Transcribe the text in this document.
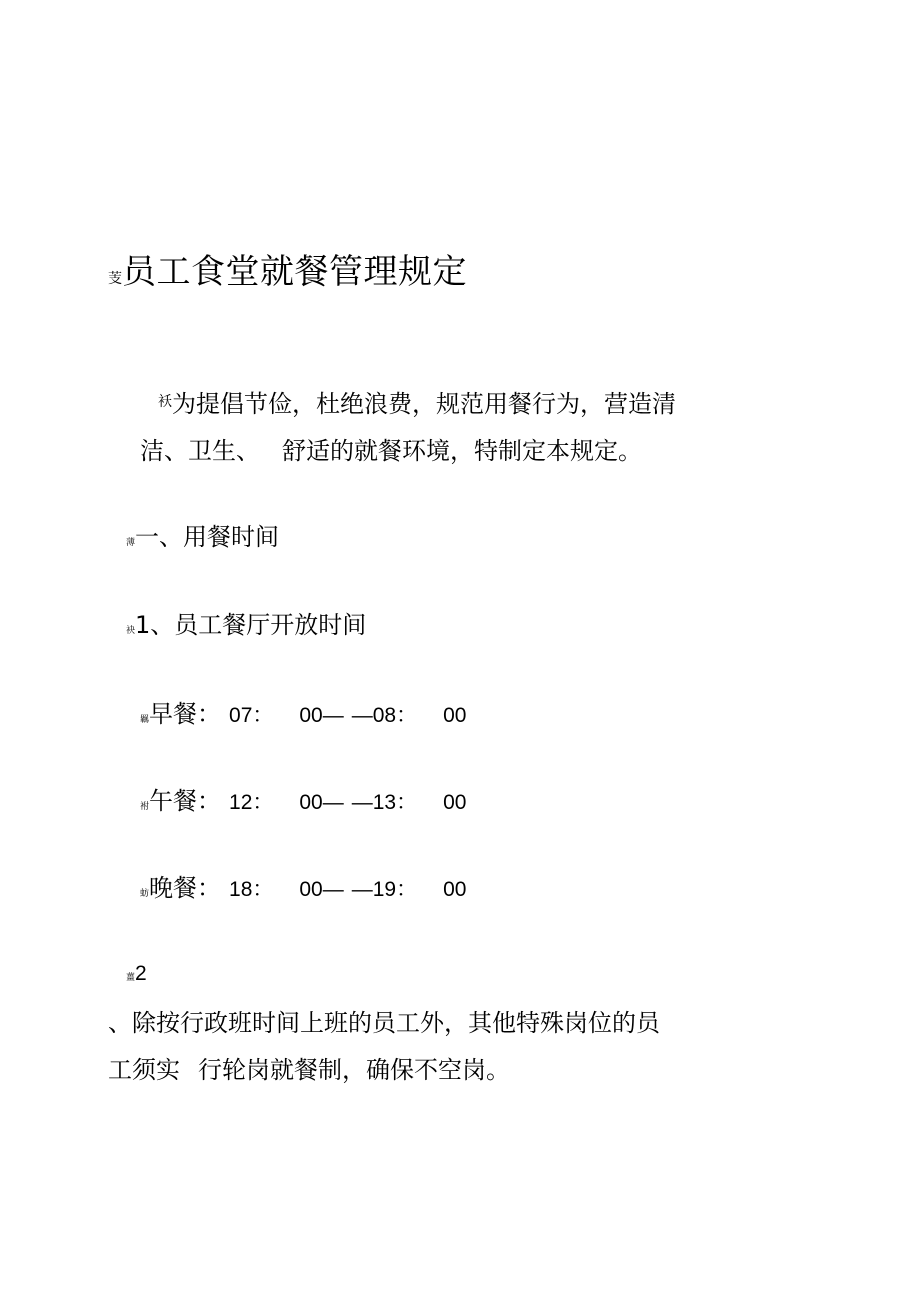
芰员工食堂就餐管理规定
$^袄$为提倡节俭，杜绝浪费，规范用餐行为，营造清
洁、卫生、 舒适的就餐环境，特制定本规定。
薄一、用餐时间
袂1、员工餐厅开放时间
羈早餐： 07： 00— —08： 00
袝午餐： 12： 00— —13： 00
蚄晚餐： 18： 00— —19： 00
薑2
、除按行政班时间上班的员工外，其他特殊岗位的员
工须实 行轮岗就餐制，确保不空岗。
